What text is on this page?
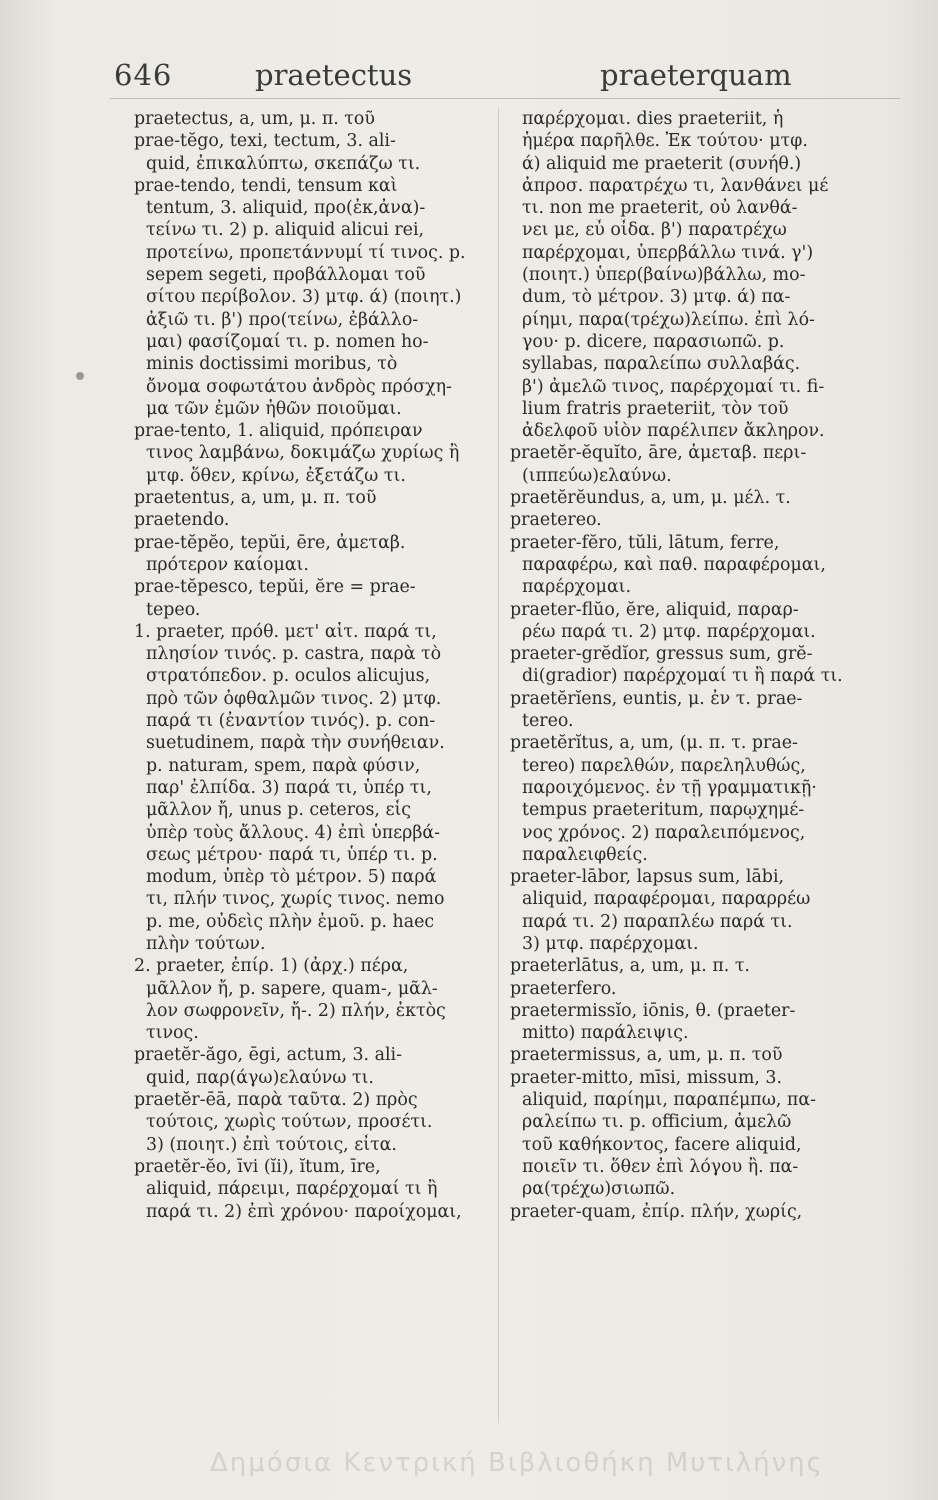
646	praetectus	praeterquam
praetectus, a, um, μ. π. τοῦ
prae-tĕgo, texi, tectum, 3. ali-
quid, ἐπικαλύπτω, σκεπάζω τι.
prae-tendo, tendi, tensum καὶ
tentum, 3. aliquid, προ(ἐκ,ἀνα)-
τείνω τι. 2) p. aliquid alicui rei,
προτείνω, προπετάννυμί τί τινος. p.
sepem segeti, προβάλλομαι τοῦ
σίτου περίβολον. 3) μτφ. ά) (ποιητ.)
ἀξιῶ τι. β') προ(τείνω, ἐβάλλο-
μαι) φασίζομαί τι. p. nomen ho-
minis doctissimi moribus, τὸ
ὄνομα σοφωτάτου ἀνδρὸς πρόσχη-
μα τῶν ἐμῶν ἠθῶν ποιοῦμαι.
prae-tento, 1. aliquid, πρόπειραν
τινος λαμβάνω, δοκιμάζω χυρίως ἢ
μτφ. ὅθεν, κρίνω, ἐξετάζω τι.
praetentus, a, um, μ. π. τοῦ
praetendo.
prae-tĕpĕo, tepŭi, ēre, ἀμεταβ.
πρότερον καίομαι.
prae-tĕpesco, tepŭi, ĕre = prae-
tepeo.
1. praeter, πρόθ. μετ' αἰτ. παρά τι,
πλησίον τινός. p. castra, παρὰ τὸ
στρατόπεδον. p. oculos alicujus,
πρὸ τῶν ὀφθαλμῶν τινος. 2) μτφ.
παρά τι (ἐναντίον τινός). p. con-
suetudinem, παρὰ τὴν συνήθειαν.
p. naturam, spem, παρὰ φύσιν,
παρ' ἐλπίδα. 3) παρά τι, ὑπέρ τι,
μᾶλλον ἤ, unus p. ceteros, εἷς
ὑπὲρ τοὺς ἄλλους. 4) ἐπὶ ὑπερβά-
σεως μέτρου· παρά τι, ὑπέρ τι. p.
modum, ὑπὲρ τὸ μέτρον. 5) παρά
τι, πλήν τινος, χωρίς τινος. nemo
p. me, οὐδεὶς πλὴν ἐμοῦ. p. haec
πλὴν τούτων.
2. praeter, ἐπίρ. 1) (ἀρχ.) πέρα,
μᾶλλον ἤ, p. sapere, quam-, μᾶλ-
λον σωφρονεῖν, ἤ-. 2) πλήν, ἐκτὸς
τινος.
praetĕr-ăgo, ēgi, actum, 3. ali-
quid, παρ(άγω)ελαύνω τι.
praetĕr-ēā, παρὰ ταῦτα. 2) πρὸς
τούτοις, χωρὶς τούτων, προσέτι.
3) (ποιητ.) ἐπὶ τούτοις, εἶτα.
praetĕr-ĕo, īvi (ĭi), ĭtum, īre,
aliquid, πάρειμι, παρέρχομαί τι ἢ
παρά τι. 2) ἐπὶ χρόνου· παροίχομαι,
παρέρχομαι. dies praeteriit, ἡ
ἡμέρα παρῆλθε. Ἐκ τούτου· μτφ.
ά) aliquid me praeterit (συνήθ.)
ἀπροσ. παρατρέχω τι, λανθάνει μέ
τι. non me praeterit, οὐ λανθά-
νει με, εὖ οἶδα. β') παρατρέχω
παρέρχομαι, ὑπερβάλλω τινά. γ')
(ποιητ.) ὑπερ(βαίνω)βάλλω, mo-
dum, τὸ μέτρον. 3) μτφ. ά) πα-
ρίημι, παρα(τρέχω)λείπω. ἐπὶ λό-
γου· p. dicere, παρασιωπῶ. p.
syllabas, παραλείπω συλλαβάς.
β') ἀμελῶ τινος, παρέρχομαί τι. fi-
lium fratris praeteriit, τὸν τοῦ
ἀδελφοῦ υἱὸν παρέλιπεν ἄκληρον.
praetĕr-ĕquĭto, āre, ἀμεταβ. περι-
(ιππεύω)ελαύνω.
praetĕrĕundus, a, um, μ. μέλ. τ.
praetereo.
praeter-fĕro, tŭli, lātum, ferre,
παραφέρω, καὶ παθ. παραφέρομαι,
παρέρχομαι.
praeter-flŭo, ĕre, aliquid, παραρ-
ρέω παρά τι. 2) μτφ. παρέρχομαι.
praeter-grĕdĭor, gressus sum, grĕ-
di(gradior) παρέρχομαί τι ἢ παρά τι.
praetĕrĭens, euntis, μ. ἐν τ. prae-
tereo.
praetĕrĭtus, a, um, (μ. π. τ. prae-
tereo) παρελθών, παρεληλυθώς,
παροιχόμενος. ἐν τῇ γραμματικῇ·
tempus praeteritum, παρῳχημέ-
νος χρόνος. 2) παραλειπόμενος,
παραλειφθείς.
praeter-lābor, lapsus sum, lābi,
aliquid, παραφέρομαι, παραρρέω
παρά τι. 2) παραπλέω παρά τι.
3) μτφ. παρέρχομαι.
praeterlātus, a, um, μ. π. τ.
praeterfero.
praetermissĭo, iōnis, θ. (praeter-
mitto) παράλειψις.
praetermissus, a, um, μ. π. τοῦ
praeter-mitto, mīsi, missum, 3.
aliquid, παρίημι, παραπέμπω, πα-
ραλείπω τι. p. officium, ἀμελῶ
τοῦ καθήκοντος, facere aliquid,
ποιεῖν τι. ὅθεν ἐπὶ λόγου ἢ. πα-
ρα(τρέχω)σιωπῶ.
praeter-quam, ἐπίρ. πλήν, χωρίς,
Δημόσια Κεντρική Βιβλιοθήκη Μυτιλήνης
